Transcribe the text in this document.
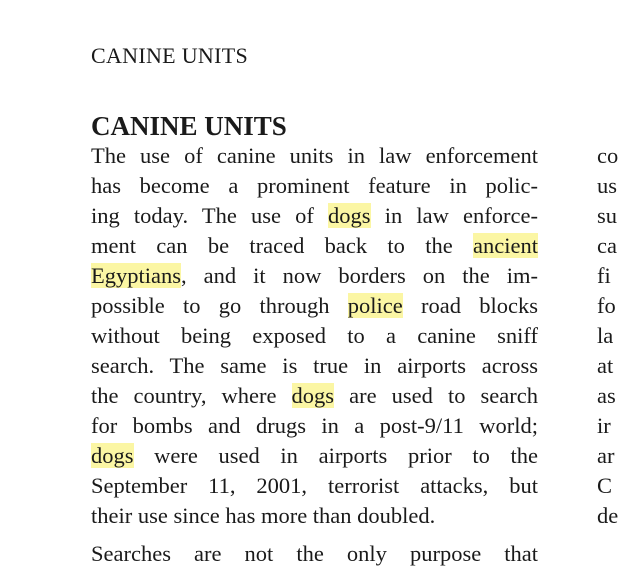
CANINE UNITS
CANINE UNITS
The use of canine units in law enforcement
has become a prominent feature in polic-
ing today. The use of dogs in law enforce-
ment can be traced back to the ancient
Egyptians, and it now borders on the im-
possible to go through police road blocks
without being exposed to a canine sniff
search. The same is true in airports across
the country, where dogs are used to search
for bombs and drugs in a post-9/11 world;
dogs were used in airports prior to the
September 11, 2001, terrorist attacks, but
their use since has more than doubled.
Searches are not the only purpose that
co
us
su
ca
fi
fo
la
at
as
ir
ar
C
de
